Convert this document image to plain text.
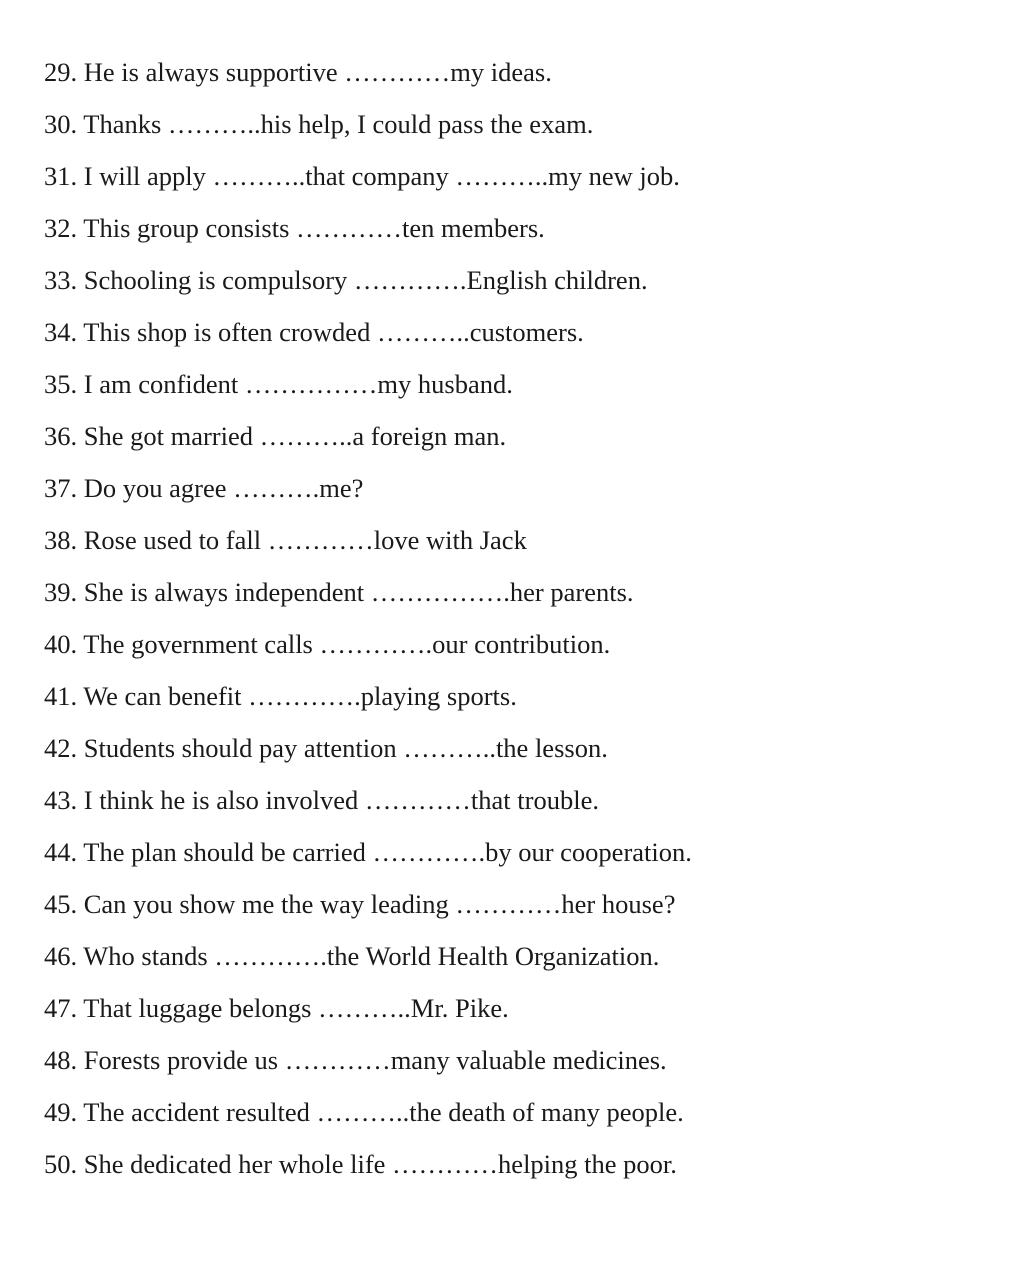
29. He is always supportive …………my ideas.
30. Thanks ………..his help, I could pass the exam.
31. I will apply ………..that company ………..my new job.
32. This group consists …………ten members.
33. Schooling is compulsory ………….English children.
34. This shop is often crowded ………..customers.
35. I am confident ……………my husband.
36. She got married ………..a foreign man.
37. Do you agree ……….me?
38. Rose used to fall …………love with Jack
39. She is always independent …………….her parents.
40. The government calls ………….our contribution.
41. We can benefit ………….playing sports.
42. Students should pay attention ………..the lesson.
43. I think he is also involved …………that trouble.
44. The plan should be carried ………….by our cooperation.
45. Can you show me the way leading …………her house?
46. Who stands ………….the World Health Organization.
47. That luggage belongs ………..Mr. Pike.
48. Forests provide us …………many valuable medicines.
49. The accident resulted ………..the death of many people.
50. She dedicated her whole life …………helping the poor.
